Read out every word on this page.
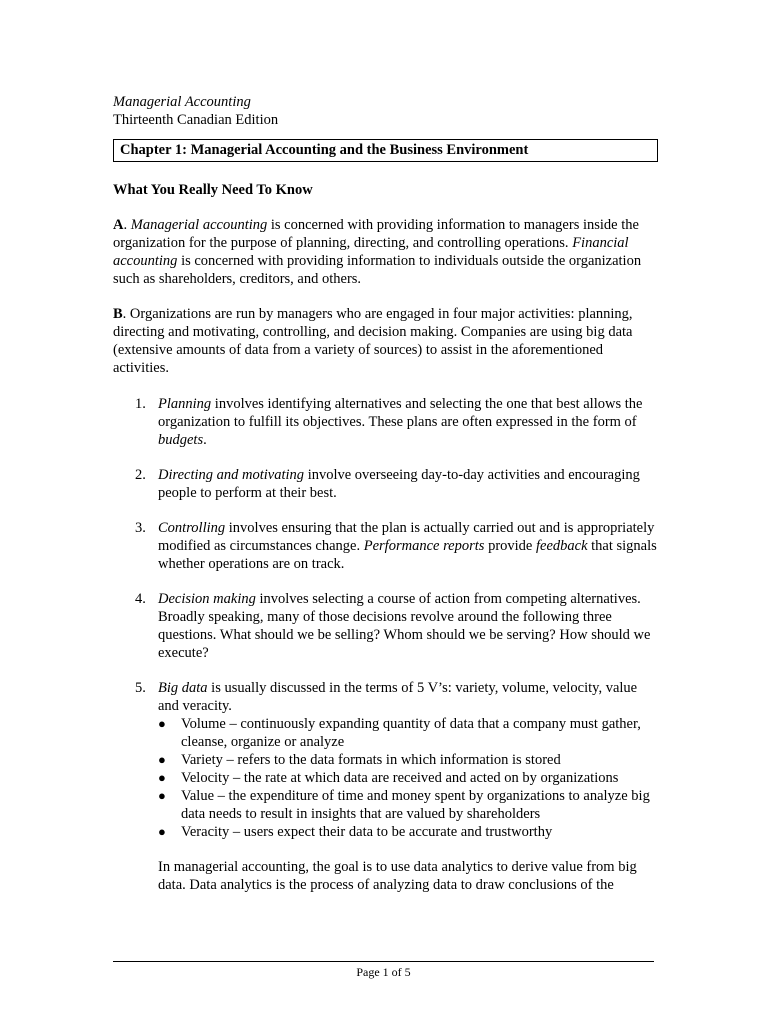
Managerial Accounting
Thirteenth Canadian Edition
Chapter 1: Managerial Accounting and the Business Environment
What You Really Need To Know

A. Managerial accounting is concerned with providing information to managers inside the organization for the purpose of planning, directing, and controlling operations. Financial accounting is concerned with providing information to individuals outside the organization such as shareholders, creditors, and others.

B. Organizations are run by managers who are engaged in four major activities: planning, directing and motivating, controlling, and decision making. Companies are using big data (extensive amounts of data from a variety of sources) to assist in the aforementioned activities.

1. Planning involves identifying alternatives and selecting the one that best allows the organization to fulfill its objectives. These plans are often expressed in the form of budgets.
2. Directing and motivating involve overseeing day-to-day activities and encouraging people to perform at their best.
3. Controlling involves ensuring that the plan is actually carried out and is appropriately modified as circumstances change. Performance reports provide feedback that signals whether operations are on track.
4. Decision making involves selecting a course of action from competing alternatives. Broadly speaking, many of those decisions revolve around the following three questions. What should we be selling? Whom should we be serving? How should we execute?
5. Big data is usually discussed in the terms of 5 V’s: variety, volume, velocity, value and veracity.
● Volume – continuously expanding quantity of data that a company must gather, cleanse, organize or analyze
● Variety – refers to the data formats in which information is stored
● Velocity – the rate at which data are received and acted on by organizations
● Value – the expenditure of time and money spent by organizations to analyze big data needs to result in insights that are valued by shareholders
● Veracity – users expect their data to be accurate and trustworthy

In managerial accounting, the goal is to use data analytics to derive value from big data. Data analytics is the process of analyzing data to draw conclusions of the

Page 1 of 5
